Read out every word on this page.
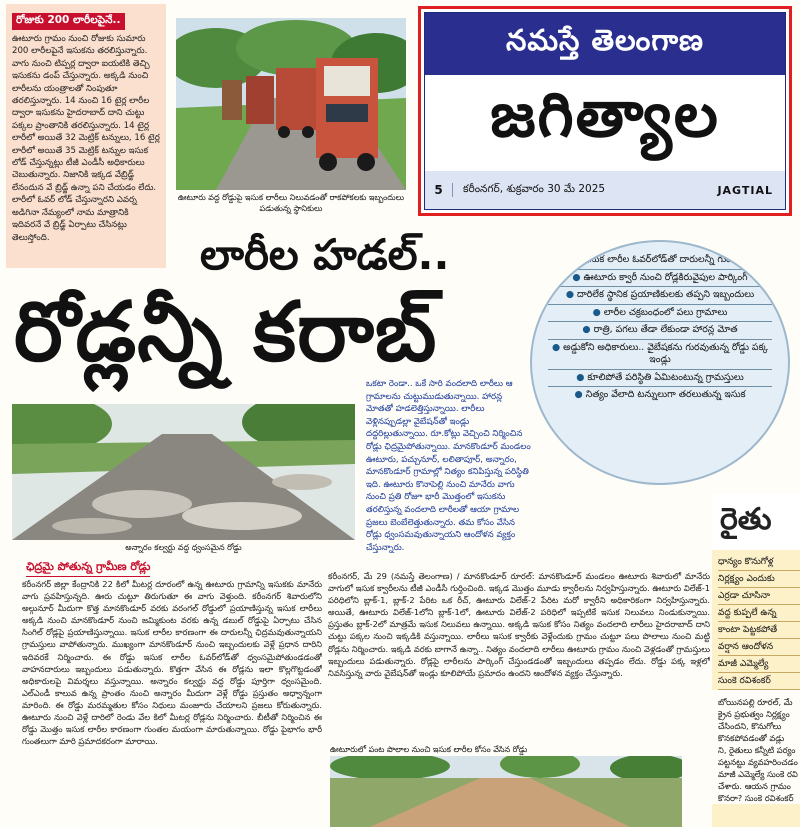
రోజుకు 200 లారీలపైనే..

ఊటూరు గ్రామం నుంచి రోజుకు సుమారు 200 లారీలపైనే ఇసుకను తరలిస్తున్నారు. వాగు నుంచి టిప్పర్ల ద్వారా ఐయటికి తెచ్చి ఇసుకను డంప్ చేస్తున్నారు. అక్కడి నుంచి లారీలను యంత్రాలతో నింపుతూ తరలిస్తున్నారు. 14 నుంచి 16 టైర్ల లారీల ద్వారా ఇసుకను హైదరాబాద్ దాని చుట్టు పక్కల ప్రాంతానికి తరలిస్తున్నారు. 14 టైర్ల లారీలో అయితే 32 మెట్రిక్ టన్నులు, 16 టైర్ల లారీలో అయితే 35 మెట్రిక్ టన్నుల ఇసుక లోడ్ చేస్తున్నట్లు టీజీ ఎండీసీ అధికారులు చెబుతున్నారు. నిజానికి ఇక్కడ వేబ్రిడ్జ్ లేనందున వే బ్రిడ్జ్ ఉన్నా పని చేయడం లేదు. లారీలో ఓవర్ లోడ్ చేస్తున్నారని ఎవర్న అడిగినా నేమ్యంలో నామ మాత్రానికి ఇదివరనే వే బ్రిడ్జ్ ఏర్పాటు చేసినట్లు తెలుస్తోంది.

ఊటూరు వద్ద రోడ్డుపై ఇసుక లారీలు నిలువడంతో రాకపోకలకు ఇబ్బందులు పడుతున్న స్థానికులు
నమస్తే తెలంగాణ
జగిత్యాల
5	కరీంనగర్, శుక్రవారం 30 మే 2025	JAGTIAL
లారీల హడల్..
రోడ్లన్నీ కరాబ్
● ఇసుక లారీల ఓవర్‌లోడ్‌తో దారులన్నీ గుంతలు
● ఊటూరు క్వారీ నుంచి రోడ్లకిరువైపుల పార్కింగ్
● దారిలేక స్థానిక ప్రయాణికులకు తప్పని ఇబ్బందులు
● లారీల చక్రబంధంలో పలు గ్రామాలు
● రాత్రి, పగలు తేడా లేకుండా హారన్ల మోత
● అడ్డుకోని అధికారులు.. వైబేషకను గురవుతున్న రోడ్డు పక్క ఇండ్లు
● కూలిపోతే పరిస్థితి ఏమిటంటున్న గ్రామస్తులు
● నిత్యం వేలాది టన్నులుగా తరలుతున్న ఇసుక
అన్నారం కల్వర్టు వద్ద ధ్వంసమైన రోడ్డు
ఒకటా రెండా.. ఒకే సారి వందలాది లారీలు ఆ గ్రామాలను చుట్టుముడుతున్నాయి. హారన్ల మోతతో హడలెత్తిస్తున్నాయి. లారీలు వెళ్లినప్పుడల్లా వైబేషన్‌తో ఇండ్లు దద్దరిల్లుతున్నాయి. రూ.కోట్లు వెచ్చించి నిర్మించిన రోడ్లు ఛిద్రమైపోతున్నాయి. మానకొండూర్ మండలం ఊటూరు, పచ్చునూర్, లలితాపూర్, అన్నారం, మానకొండూర్ గ్రామాల్లో నిత్యం కనిపిస్తున్న పరిస్థితి ఇది. ఊటూరు కొనాపెల్లి నుంచి మానేరు వాగు నుంచి ప్రతి రోజూ భారీ మొత్తంలో ఇసుకను తరలిస్తున్న వందలాది లారీలతో ఆయా గ్రామాల ప్రజలు బెంబేలెత్తుతున్నారు. తమ కోసం వేసిన రోడ్లు ధ్వంసమవుతున్నాయని ఆందోళన వ్యక్తం చేస్తున్నారు.
ఛిద్రమై పోతున్న గ్రామీణ రోడ్లు
కరీంనగర్ జిల్లా కేంద్రానికి 22 కిలో మీటర్ల దూరంలో ఉన్న ఊటూరు గ్రామాన్ని ఇసుకకు మానేరు వాగు ప్రవహిస్తున్నది. ఊరు చుట్టూ తిరుగుతూ ఈ వాగు వెళ్తుంది. కరీంనగర్ శివారులోని అల్గునూర్ మీదుగా కొత్త మానకొండూర్ వరకు వరంగల్ రోడ్డులో ప్రయాణిస్తున్న ఇసుక లారీలు అక్కడి నుంచి మానకొండూర్ నుంచి జమ్మికుంట వరకు ఉన్న డబుల్ రోడ్డుపై ఏర్పాటు చేసిన సింగిల్ రోడ్లపై ప్రయాణిస్తున్నాయి. ఇసుక లారీల కారణంగా ఈ దారులన్నీ ఛిద్రమవుతున్నాయని గ్రామస్తులు వాపోతున్నారు. ముఖ్యంగా మానకొండూర్ నుంచి ఇబ్బందులకు వెళ్లే ప్రధాన దారిని ఇదివరకే నిర్మించారు. ఈ రోడ్డు ఇసుక లారీల ఓవర్‌లోడ్‌తో ధ్వంసమైపోతుండడంతో వాహనదారులు ఇబ్బందులు పడుతున్నారు. కొత్తగా వేసిన ఈ రోడ్లను ఇలా కొల్లగొట్టడంతో అధికారులపై విమర్శలు వస్తున్నాయి. అన్నారం కల్వర్టు వద్ద రోడ్డు పూర్తిగా ధ్వంసమైంది. ఎల్ఎండీ కాలువ ఉన్న ప్రాంతం నుంచి అన్నారం మీదుగా వెళ్లే రోడ్డు ప్రస్తుతం అధ్వాన్నంగా మారింది. ఈ రోడ్డు మరమ్మతుల కోసం నిధులు మంజూరు చేయాలని ప్రజలు కోరుతున్నారు. ఊటూరు నుంచి వెళ్లే దారిలో రెండు వేల కిలో మీటర్ల రోడ్లను నిర్మించారు. బీటీతో నిర్మించిన ఈ రోడ్డు మొత్తం ఇసుక లారీల కారణంగా గుంతల మయంగా మారుతున్నాయి. రోడ్డు పైభాగం భారీ గుంతలుగా మారి ప్రమాదకరంగా మారాయి.
కరీంనగర్, మే 29 (నమస్తే తెలంగాణ) / మానకొండూర్ రూరల్: మానకొండూర్ మండలం ఊటూరు శివారులో మానేరు వాగులో ఇసుక క్వారీలను టీజీ ఎండీసీ గుర్తించింది. ఇక్కడ మొత్తం మూడు క్వారీలను నిర్వహిస్తున్నారు. ఊటూరు విలేజ్-1 పరిధిలోని బ్లాక్-1, బ్లాక్-2 పేరిట ఒక రీచ్, ఊటూరు విలేజ్-2 పేరిట మరో క్వారీని అధికారికంగా నిర్వహిస్తున్నారు. అయితే, ఊటూరు విలేజ్-1లోని బ్లాక్-1లో, ఊటూరు విలేజ్-2 పరిధిలో ఇప్పటికే ఇసుక నిలువలు నిండుకున్నాయి. ప్రస్తుతం బ్లాక్-2లో మాత్రమే ఇసుక నిలువలు ఉన్నాయి. అక్కడి ఇసుక కోసం నిత్యం వందలాది లారీలు హైదరాబాద్ దాని చుట్టు పక్కల నుంచి ఇక్కడికి వస్తున్నాయి. లారీలు ఇసుక క్వారీకు వెళ్లేందుకు గ్రామం చుట్టూ పలు పొలాలు నుంచి మట్టి రోడ్లను నిర్మించారు. ఇక్కడి వరకు బాగానే ఉన్నా.. నిత్యం వందలాది లారీలు ఊటూరు గ్రామం నుంచి వెళ్లడంతో గ్రామస్తులు ఇబ్బందులు పడుతున్నారు. రోడ్లపై లారీలను పార్కింగ్ చేస్తుండడంతో ఇబ్బందులు తప్పడం లేదు. రోడ్డు పక్క ఇళ్లలో నివసిస్తున్న వారు వైబేషన్‌తో ఇండ్లు కూలిపోయే ప్రమాదం ఉందని ఆందోళన వ్యక్తం చేస్తున్నారు.
ఊటూరులో పంట పొలాల నుంచి ఇసుక లారీల కోసం వేసిన రోడ్డు
రైతు
ధాన్యం కొనుగోళ్ల
నిర్లక్ష్యం ఎందుకు
ఎర్రడా చూసినా
వద్ద కుప్పలే ఉన్న
కాంటా పెట్టకపోతే
వర్షాన ఆందోళన
మాజీ ఎమ్మెల్యే
సుంకె రవిశంకర్
బోయినపల్లి రూరల్, మే
క్రైన ప్రభుత్వం నిర్లక్ష్యం
చేసిందని, కొనుగోలు
కొనకపోవడంతో వడ్లు
ని, రైతులు కన్నీటి పర్యం
పట్టనట్టు వ్యవహరించడం
మాజీ ఎమ్మెల్యే సుంకె రవి
చేశారు. ఆయన గ్రామం
కొనరా? సుంకె రవిశంకర్
